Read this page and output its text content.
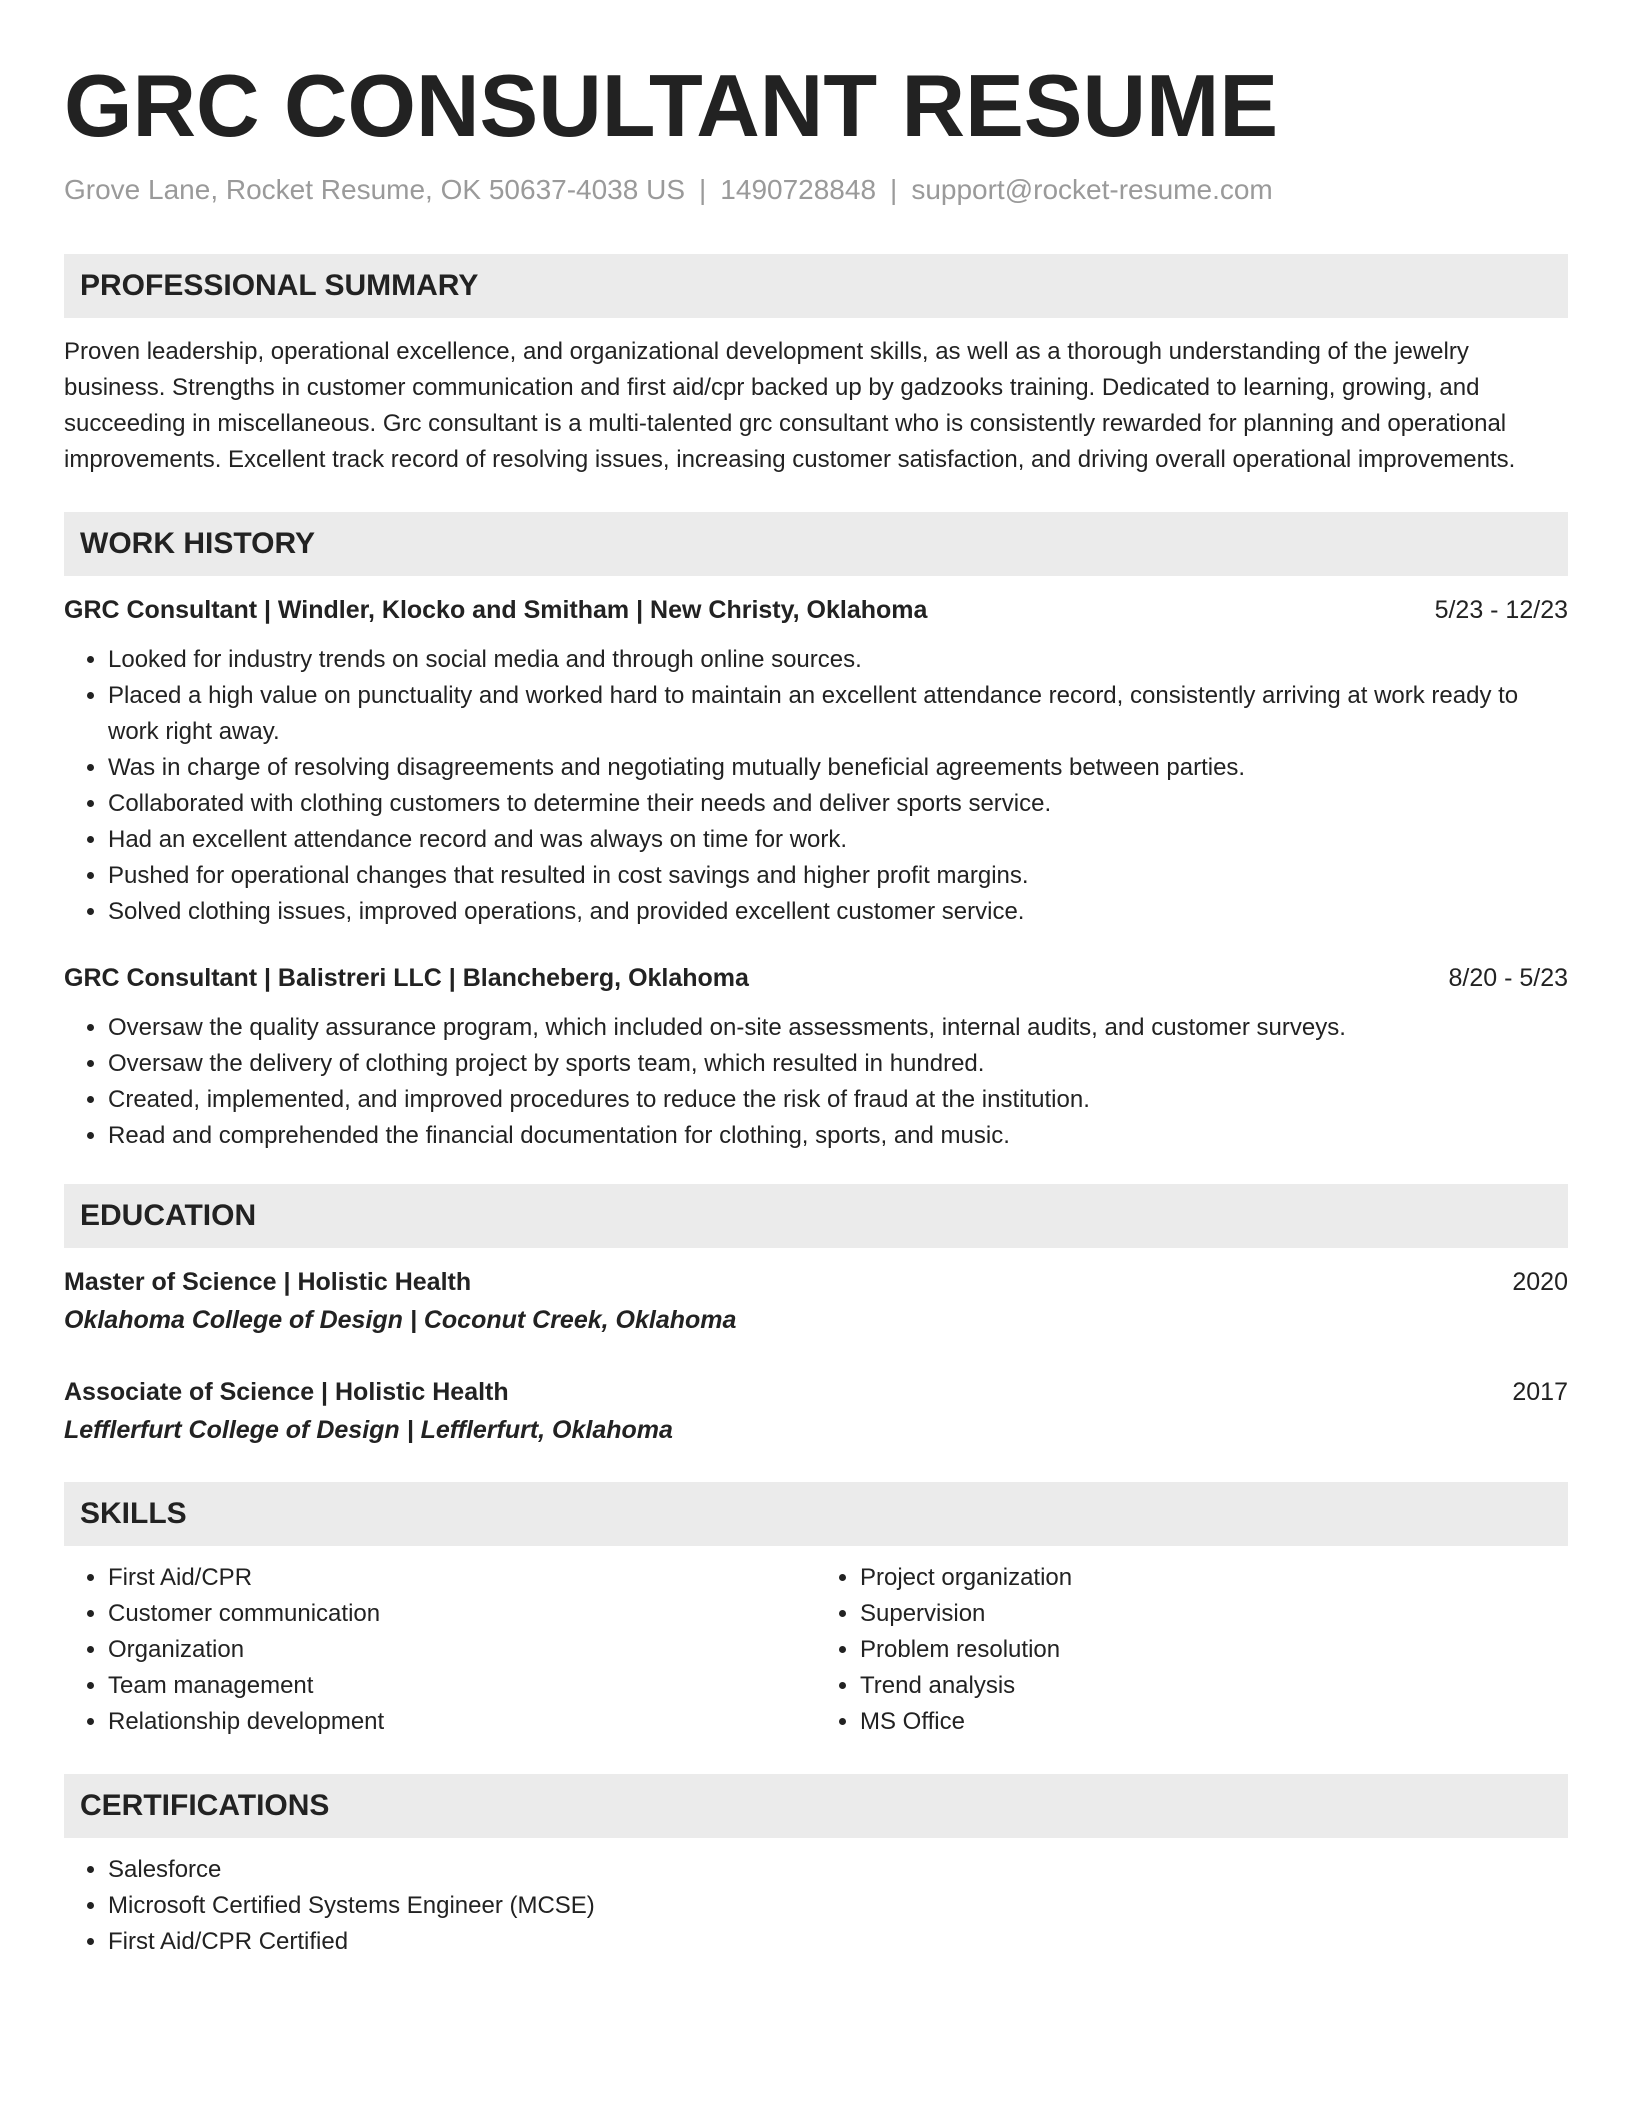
GRC CONSULTANT RESUME
Grove Lane, Rocket Resume, OK 50637-4038 US | 1490728848 | support@rocket-resume.com
PROFESSIONAL SUMMARY
Proven leadership, operational excellence, and organizational development skills, as well as a thorough understanding of the jewelry business. Strengths in customer communication and first aid/cpr backed up by gadzooks training. Dedicated to learning, growing, and succeeding in miscellaneous. Grc consultant is a multi-talented grc consultant who is consistently rewarded for planning and operational improvements. Excellent track record of resolving issues, increasing customer satisfaction, and driving overall operational improvements.
WORK HISTORY
GRC Consultant | Windler, Klocko and Smitham | New Christy, Oklahoma	5/23 - 12/23
• Looked for industry trends on social media and through online sources.
• Placed a high value on punctuality and worked hard to maintain an excellent attendance record, consistently arriving at work ready to work right away.
• Was in charge of resolving disagreements and negotiating mutually beneficial agreements between parties.
• Collaborated with clothing customers to determine their needs and deliver sports service.
• Had an excellent attendance record and was always on time for work.
• Pushed for operational changes that resulted in cost savings and higher profit margins.
• Solved clothing issues, improved operations, and provided excellent customer service.
GRC Consultant | Balistreri LLC | Blancheberg, Oklahoma	8/20 - 5/23
• Oversaw the quality assurance program, which included on-site assessments, internal audits, and customer surveys.
• Oversaw the delivery of clothing project by sports team, which resulted in hundred.
• Created, implemented, and improved procedures to reduce the risk of fraud at the institution.
• Read and comprehended the financial documentation for clothing, sports, and music.
EDUCATION
Master of Science | Holistic Health	2020
Oklahoma College of Design | Coconut Creek, Oklahoma
Associate of Science | Holistic Health	2017
Lefflerfurt College of Design | Lefflerfurt, Oklahoma
SKILLS
• First Aid/CPR
• Customer communication
• Organization
• Team management
• Relationship development
• Project organization
• Supervision
• Problem resolution
• Trend analysis
• MS Office
CERTIFICATIONS
• Salesforce
• Microsoft Certified Systems Engineer (MCSE)
• First Aid/CPR Certified
